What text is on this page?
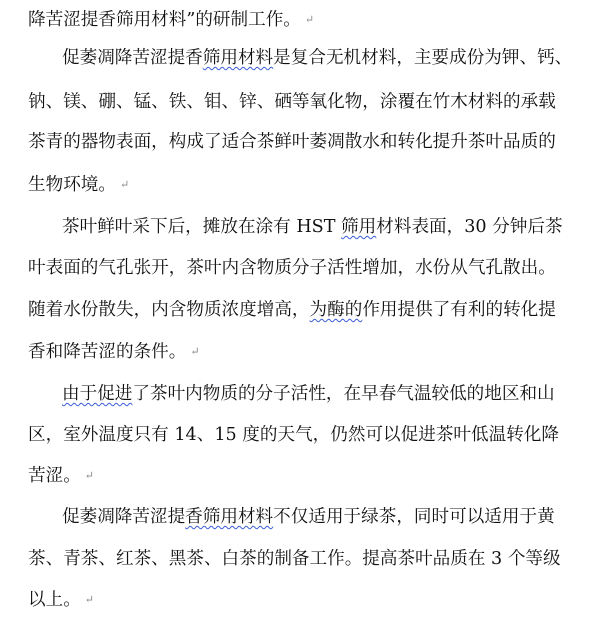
降苦涩提香筛用材料”的研制工作。 ↵
促萎凋降苦涩提香筛用材料是复合无机材料，主要成份为钾、钙、
钠、镁、硼、锰、铁、钼、锌、硒等氧化物，涂覆在竹木材料的承载
茶青的器物表面，构成了适合茶鲜叶萎凋散水和转化提升茶叶品质的
生物环境。 ↵
茶叶鲜叶采下后，摊放在涂有 HST 筛用材料表面，30 分钟后茶
叶表面的气孔张开，茶叶内含物质分子活性增加，水份从气孔散出。
随着水份散失，内含物质浓度增高，为酶的作用提供了有利的转化提
香和降苦涩的条件。 ↵
由于促进了茶叶内物质的分子活性，在早春气温较低的地区和山
区，室外温度只有 14、15 度的天气，仍然可以促进茶叶低温转化降
苦涩。 ↵
促萎凋降苦涩提香筛用材料不仅适用于绿茶，同时可以适用于黄
茶、青茶、红茶、黑茶、白茶的制备工作。提高茶叶品质在 3 个等级
以上。 ↵
